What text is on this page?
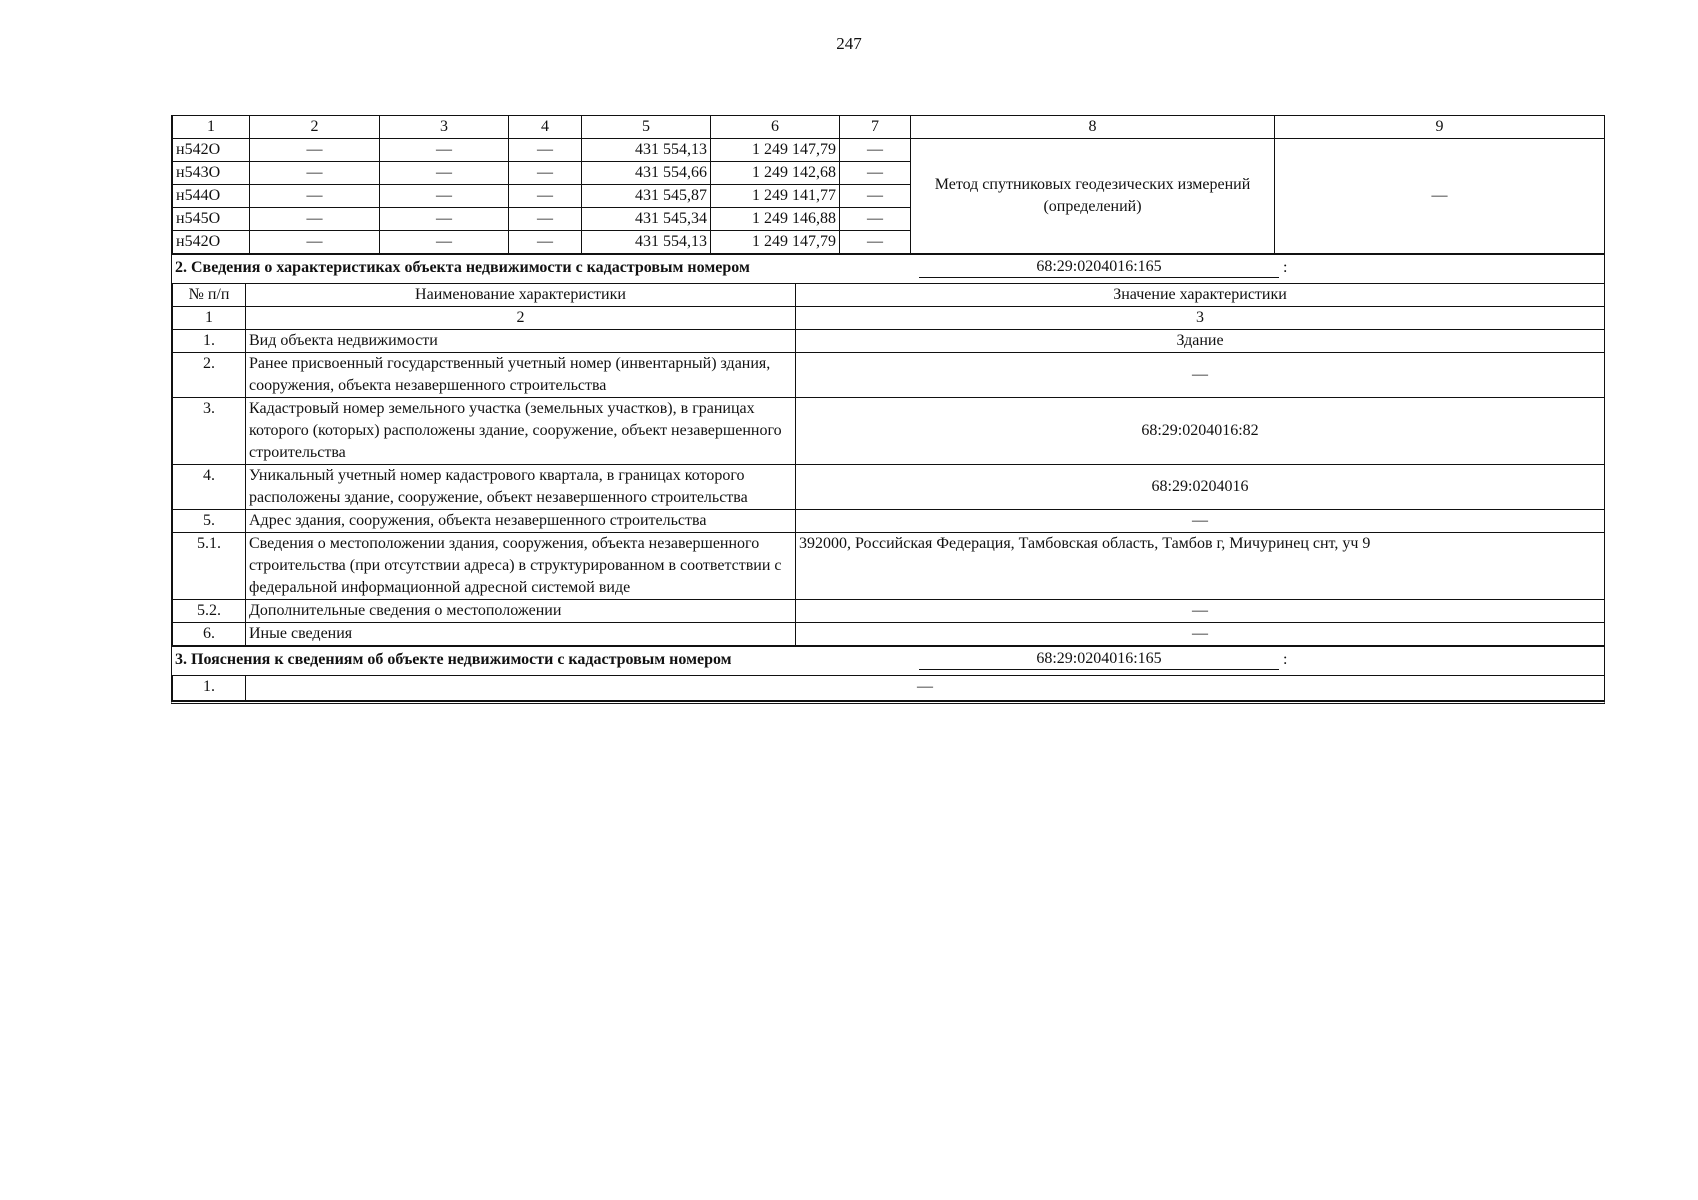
247
1	2	3	4	5	6	7	8	9
н542О	—	—	—	431 554,13	1 249 147,79	—	Метод спутниковых геодезических измерений (определений)	—
н543О	—	—	—	431 554,66	1 249 142,68	—		
н544О	—	—	—	431 545,87	1 249 141,77	—		
н545О	—	—	—	431 545,34	1 249 146,88	—		
н542О	—	—	—	431 554,13	1 249 147,79	—		
2. Сведения о характеристиках объекта недвижимости с кадастровым номером	68:29:0204016:165	:
№ п/п	Наименование характеристики	Значение характеристики
1	2	3
1.	Вид объекта недвижимости	Здание
2.	Ранее присвоенный государственный учетный номер (инвентарный) здания, сооружения, объекта незавершенного строительства	—
3.	Кадастровый номер земельного участка (земельных участков), в границах которого (которых) расположены здание, сооружение, объект незавершенного строительства	68:29:0204016:82
4.	Уникальный учетный номер кадастрового квартала, в границах которого расположены здание, сооружение, объект незавершенного строительства	68:29:0204016
5.	Адрес здания, сооружения, объекта незавершенного строительства	—
5.1.	Сведения о местоположении здания, сооружения, объекта незавершенного строительства (при отсутствии адреса) в структурированном в соответствии с федеральной информационной адресной системой виде	392000, Российская Федерация, Тамбовская область, Тамбов г, Мичуринец снт, уч 9
5.2.	Дополнительные сведения о местоположении	—
6.	Иные сведения	—
3. Пояснения к сведениям об объекте недвижимости с кадастровым номером	68:29:0204016:165	:
1.	—
